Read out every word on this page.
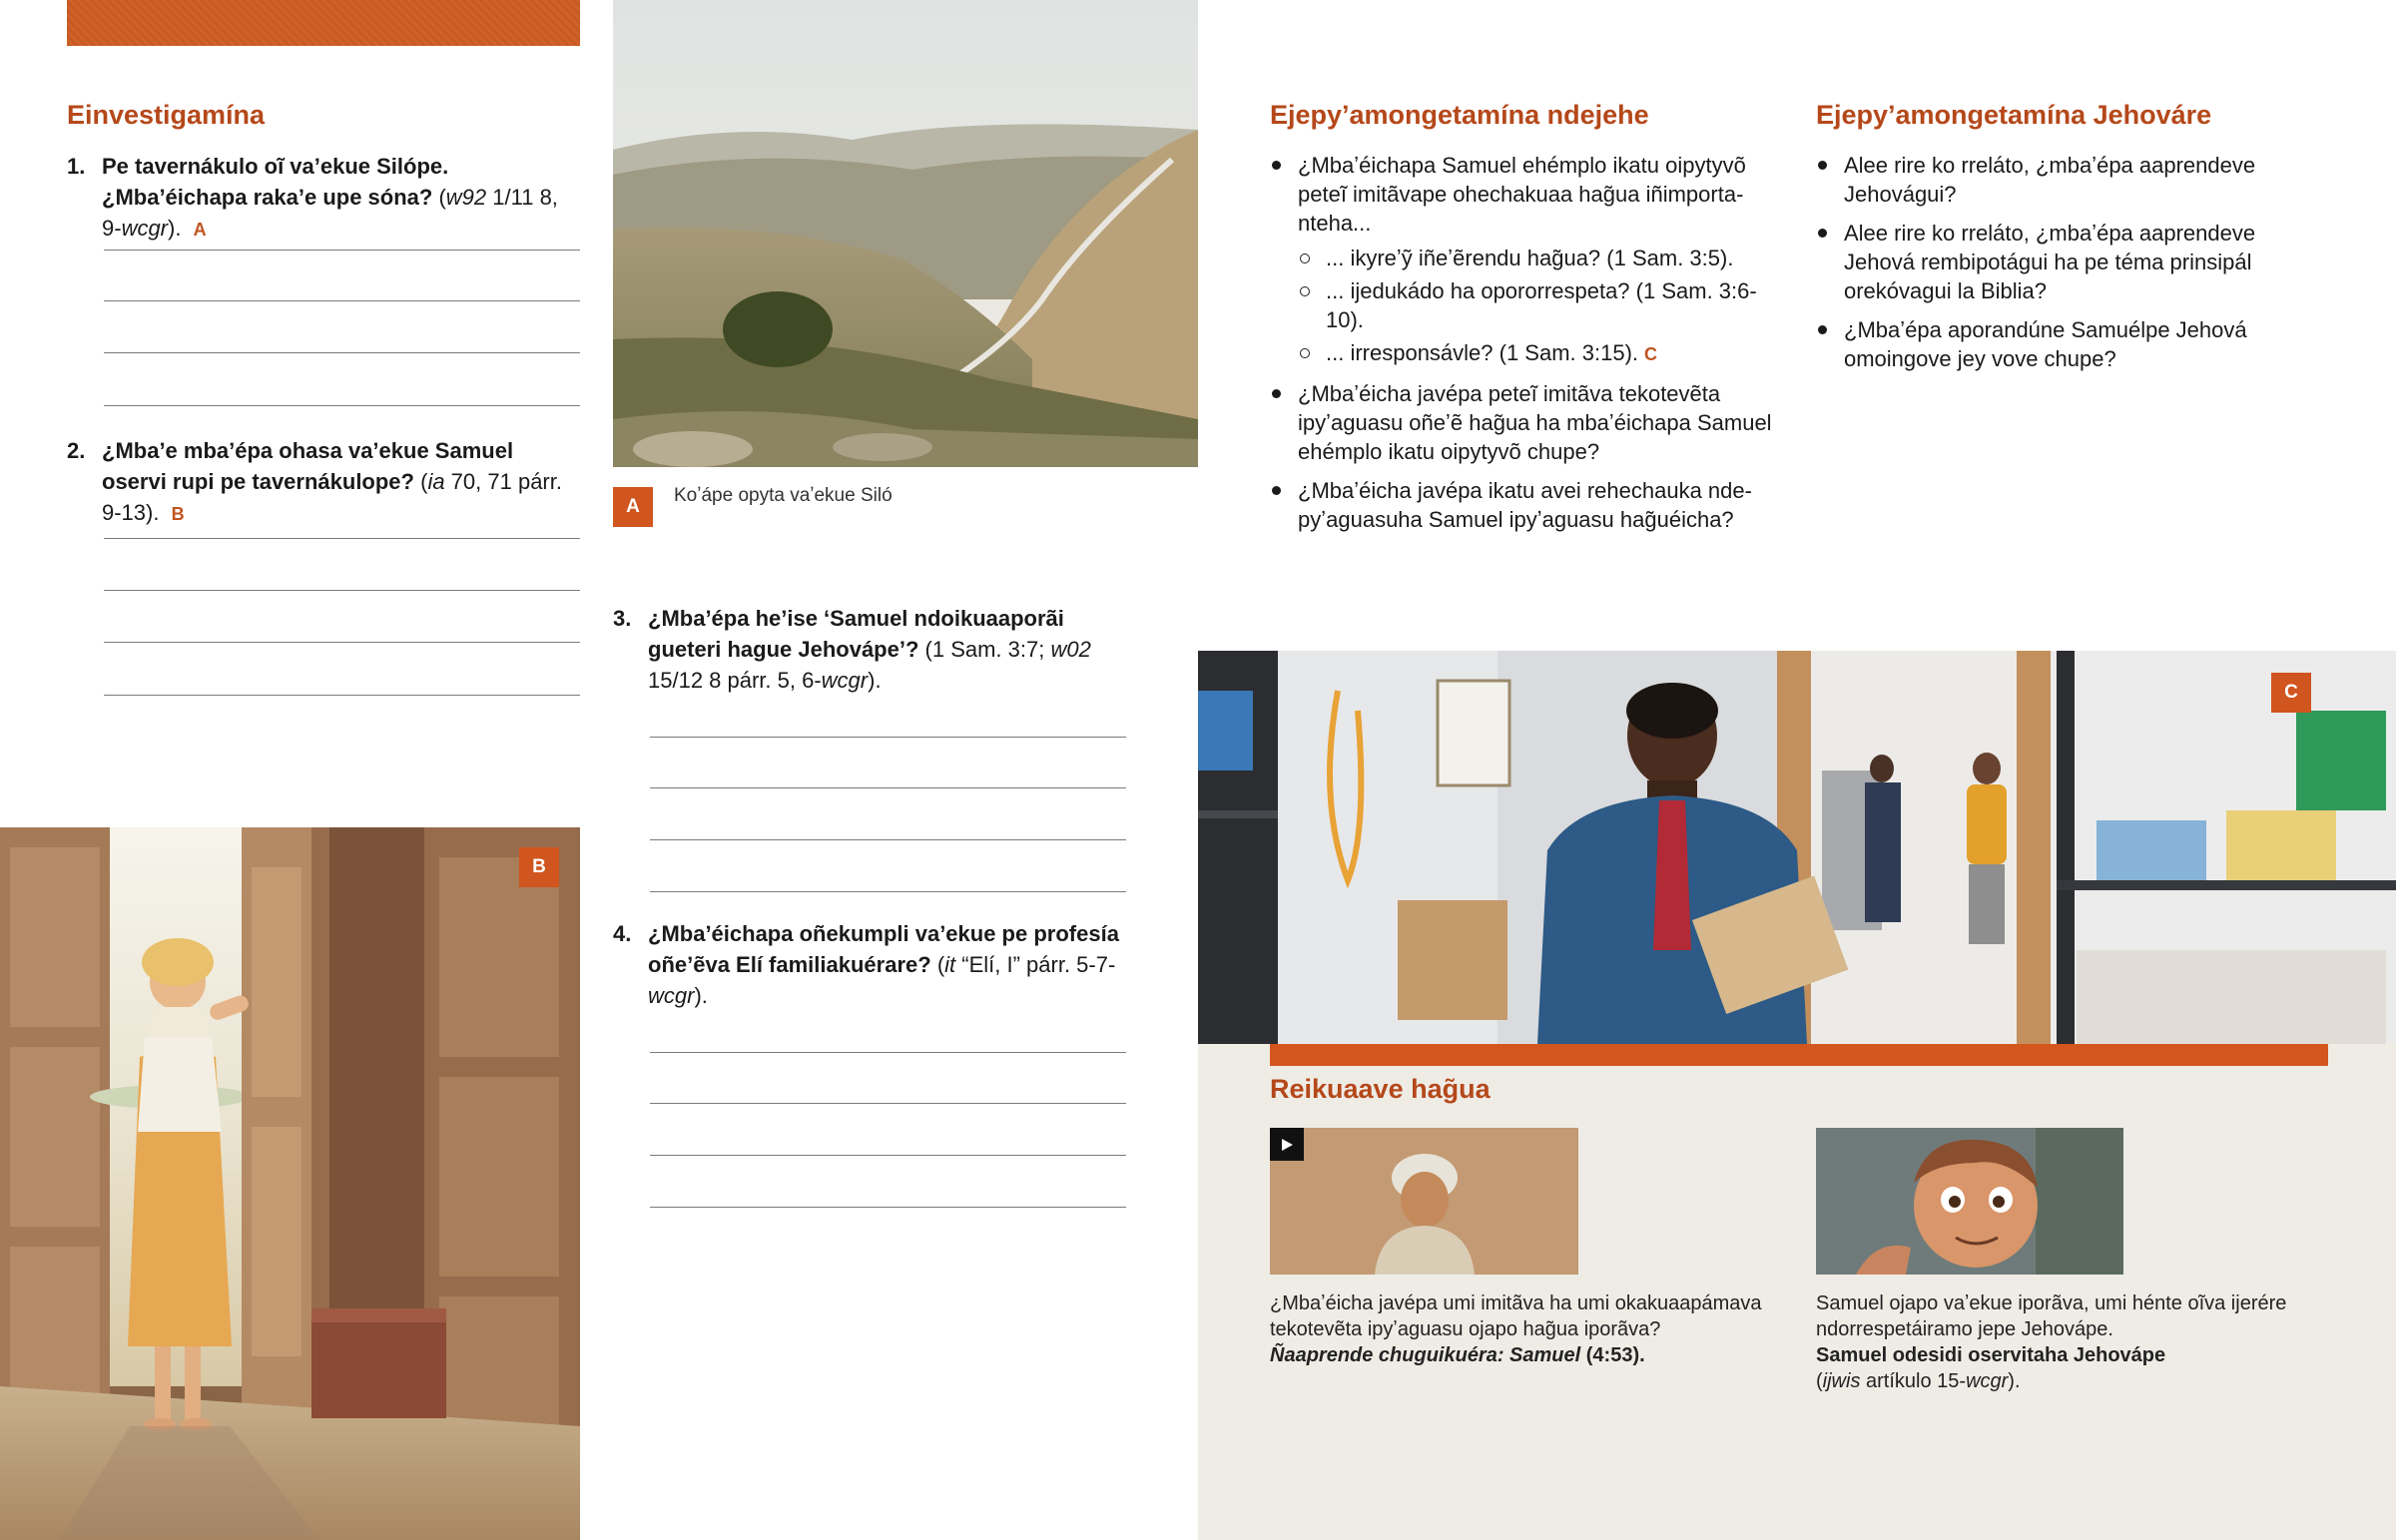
Einvestigamína
1. Pe tavernákulo oĩ vaʼekue Silópe. ¿Mbaʼéichapa rakaʼe upe sóna? (w92 1/11 8, 9-wcgr). A
2. ¿Mbaʼe mbaʼépa ohasa vaʼekue Samuel oservi rupi pe tavernákulope? (ia 70, 71 párr. 9-13). B
B
A
Koʼápe opyta vaʼekue Siló
3. ¿Mbaʼépa heʼise ‘Samuel ndoikuaaporãi gueteri hague Jehovápe’? (1 Sam. 3:7; w02 15/12 8 párr. 5, 6-wcgr).
4. ¿Mbaʼéichapa oñekumpli vaʼekue pe profesía oñeʼẽva Elí familiakuérare? (it “Elí, I” párr. 5-7-wcgr).
Ejepyʼamongetamína ndejehe
¿Mbaʼéichapa Samuel ehémplo ikatu oipytyvõ peteĩ imitãvape ohechakuaa hag̃ua iñimportanteha...
... ikyreʼỹ iñeʼẽrendu hag̃ua? (1 Sam. 3:5).
... ijedukádo ha opororrespeta? (1 Sam. 3:6-10).
... irresponsávle? (1 Sam. 3:15). C
¿Mbaʼéicha javépa peteĩ imitãva tekotevẽta ipyʼaguasu oñeʼẽ hag̃ua ha mbaʼéichapa Samuel ehémplo ikatu oipytyvõ chupe?
¿Mbaʼéicha javépa ikatu avei rehechauka ndepyʼaguasuha Samuel ipyʼaguasu hag̃uéicha?
Ejepyʼamongetamína Jehováre
Alee rire ko rreláto, ¿mbaʼépa aaprendeve Jehovágui?
Alee rire ko rreláto, ¿mbaʼépa aaprendeve Jehová rembipotágui ha pe téma prinsipál orekóvagui la Biblia?
¿Mbaʼépa aporandúne Samuélpe Jehová omoingove jey vove chupe?
C
Reikuaave hag̃ua
¿Mbaʼéicha javépa umi imitãva ha umi okakuaapámava tekotevẽta ipyʼaguasu ojapo hag̃ua iporãva?
Ñaaprende chuguikuéra: Samuel (4:53).
Samuel ojapo vaʼekue iporãva, umi hénte oĩva ijerére ndorrespetáiramo jepe Jehovápe.
Samuel odesidi oservitaha Jehovápe
(ijwis artíkulo 15-wcgr).
